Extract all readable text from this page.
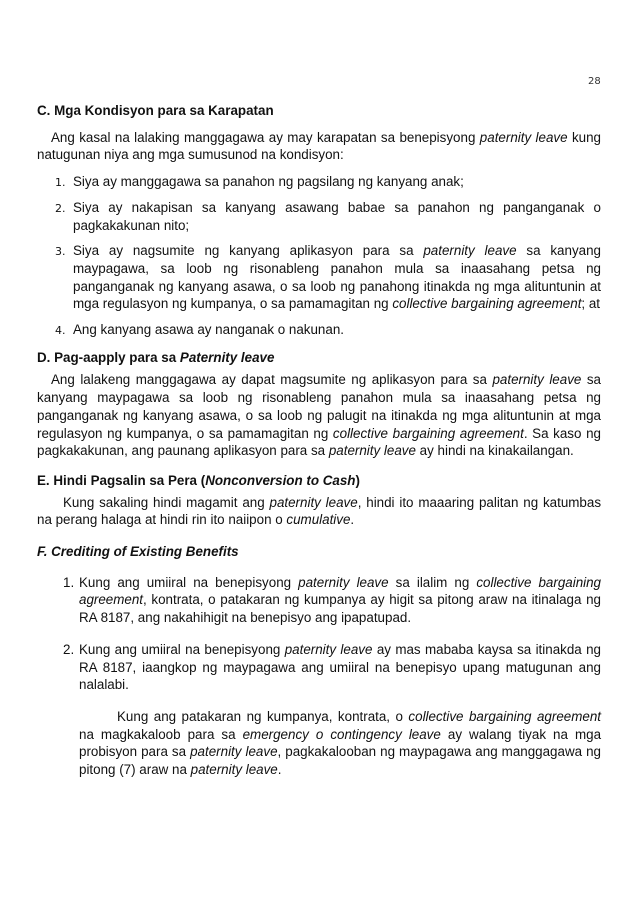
28
C. Mga Kondisyon para sa Karapatan

Ang kasal na lalaking manggagawa ay may karapatan sa benepisyong paternity leave kung natugunan niya ang mga sumusunod na kondisyon:

1. Siya ay manggagawa sa panahon ng pagsilang ng kanyang anak;
2. Siya ay nakapisan sa kanyang asawang babae sa panahon ng panganganak o pagkakakunan nito;
3. Siya ay nagsumite ng kanyang aplikasyon para sa paternity leave sa kanyang maypagawa, sa loob ng risonableng panahon mula sa inaasahang petsa ng panganganak ng kanyang asawa, o sa loob ng panahong itinakda ng mga alituntunin at mga regulasyon ng kumpanya, o sa pamamagitan ng collective bargaining agreement; at
4. Ang kanyang asawa ay nanganak o nakunan.
D. Pag-aapply para sa Paternity leave

Ang lalakeng manggagawa ay dapat magsumite ng aplikasyon para sa paternity leave sa kanyang maypagawa sa loob ng risonableng panahon mula sa inaasahang petsa ng panganganak ng kanyang asawa, o sa loob ng palugit na itinakda ng mga alituntunin at mga regulasyon ng kumpanya, o sa pamamagitan ng collective bargaining agreement. Sa kaso ng pagkakakunan, ang paunang aplikasyon para sa paternity leave ay hindi na kinakailangan.

E. Hindi Pagsalin sa Pera (Nonconversion to Cash)

Kung sakaling hindi magamit ang paternity leave, hindi ito maaaring palitan ng katumbas na perang halaga at hindi rin ito naiipon o cumulative.

F. Crediting of Existing Benefits
1. Kung ang umiiral na benepisyong paternity leave sa ilalim ng collective bargaining agreement, kontrata, o patakaran ng kumpanya ay higit sa pitong araw na itinalaga ng RA 8187, ang nakahihigit na benepisyo ang ipapatupad.
2. Kung ang umiiral na benepisyong paternity leave ay mas mababa kaysa sa itinakda ng RA 8187, iaangkop ng maypagawa ang umiiral na benepisyo upang matugunan ang nalalabi.

Kung ang patakaran ng kumpanya, kontrata, o collective bargaining agreement na magkakaloob para sa emergency o contingency leave ay walang tiyak na mga probisyon para sa paternity leave, pagkakalooban ng maypagawa ang manggagawa ng pitong (7) araw na paternity leave.
